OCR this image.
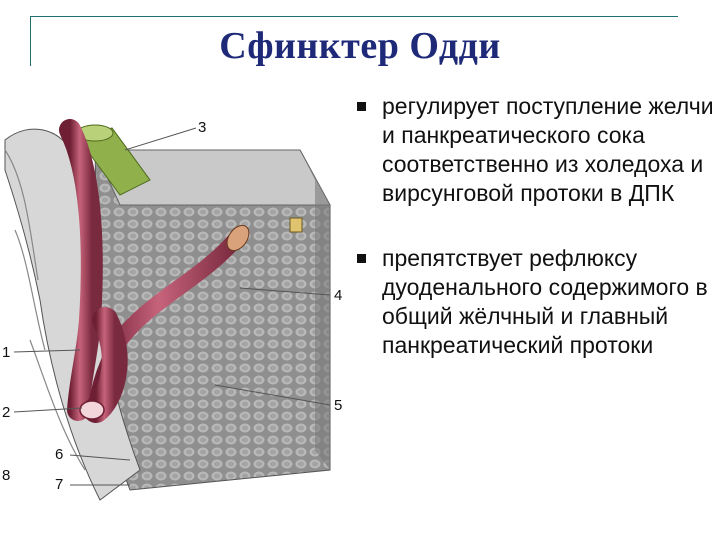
Сфинктер Одди
3
4
1
2	5
6
7
8
регулирует поступление желчи и панкреатического сока соответственно из холедоха и вирсунговой протоки в ДПК
препятствует рефлюксу дуоденального содержимого в общий жёлчный и главный панкреатический протоки
